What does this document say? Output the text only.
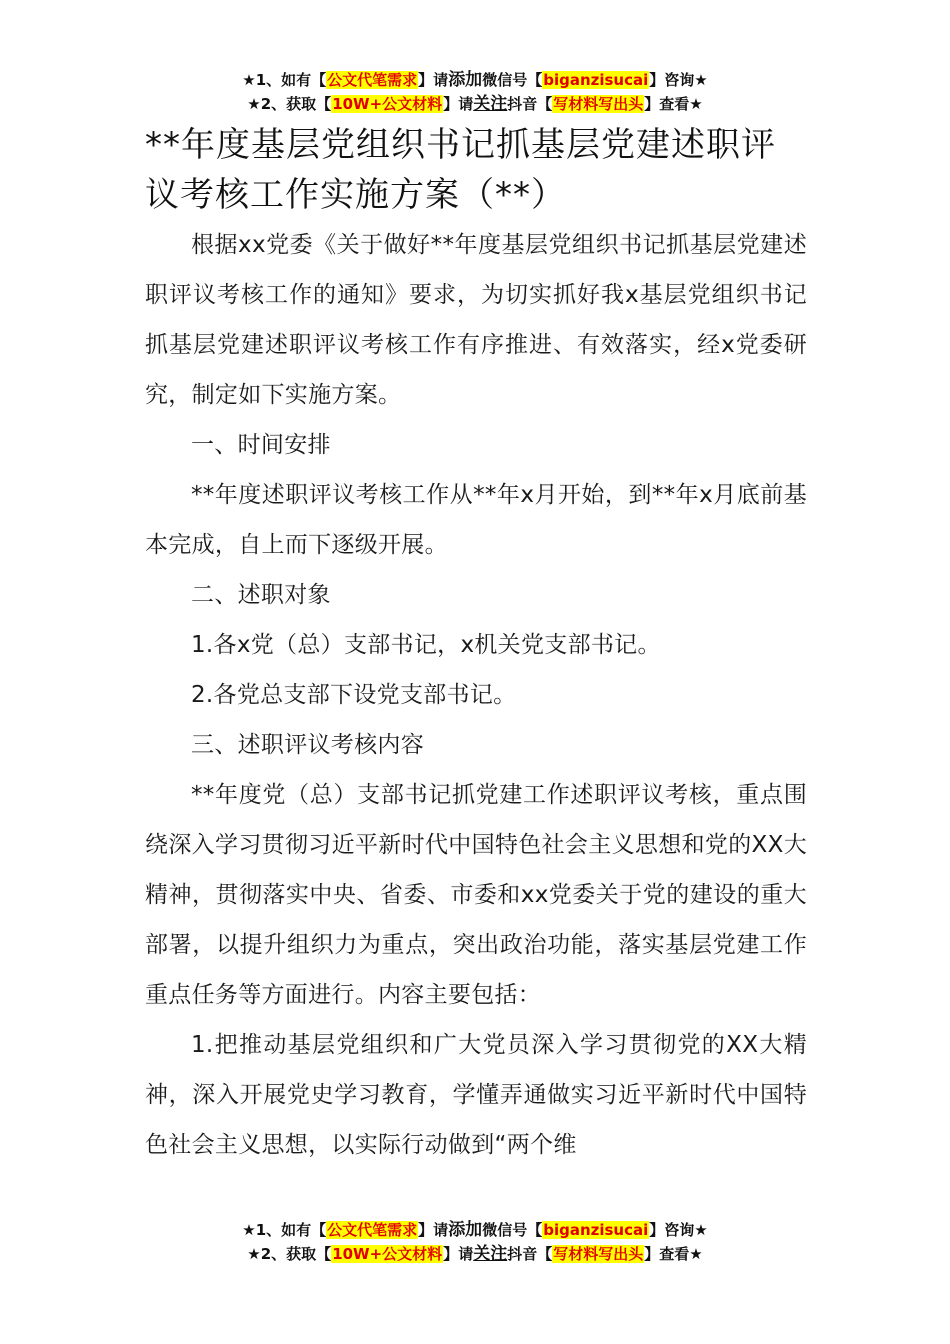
★1、如有【公文代笔需求】请添加微信号【biganzisucai】咨询★
★2、获取【10W+公文材料】请关注抖音【写材料写出头】查看★
**年度基层党组织书记抓基层党建述职评议考核工作实施方案（**）

根据xx党委《关于做好**年度基层党组织书记抓基层党建述职评议考核工作的通知》要求，为切实抓好我x基层党组织书记抓基层党建述职评议考核工作有序推进、有效落实，经x党委研究，制定如下实施方案。

一、时间安排

**年度述职评议考核工作从**年x月开始，到**年x月底前基本完成，自上而下逐级开展。

二、述职对象

1.各x党（总）支部书记，x机关党支部书记。

2.各党总支部下设党支部书记。

三、述职评议考核内容

**年度党（总）支部书记抓党建工作述职评议考核，重点围绕深入学习贯彻习近平新时代中国特色社会主义思想和党的XX大精神，贯彻落实中央、省委、市委和xx党委关于党的建设的重大部署，以提升组织力为重点，突出政治功能，落实基层党建工作重点任务等方面进行。内容主要包括：

1.把推动基层党组织和广大党员深入学习贯彻党的XX大精神，深入开展党史学习教育，学懂弄通做实习近平新时代中国特色社会主义思想，以实际行动做到“两个维

★1、如有【公文代笔需求】请添加微信号【biganzisucai】咨询★
★2、获取【10W+公文材料】请关注抖音【写材料写出头】查看★
